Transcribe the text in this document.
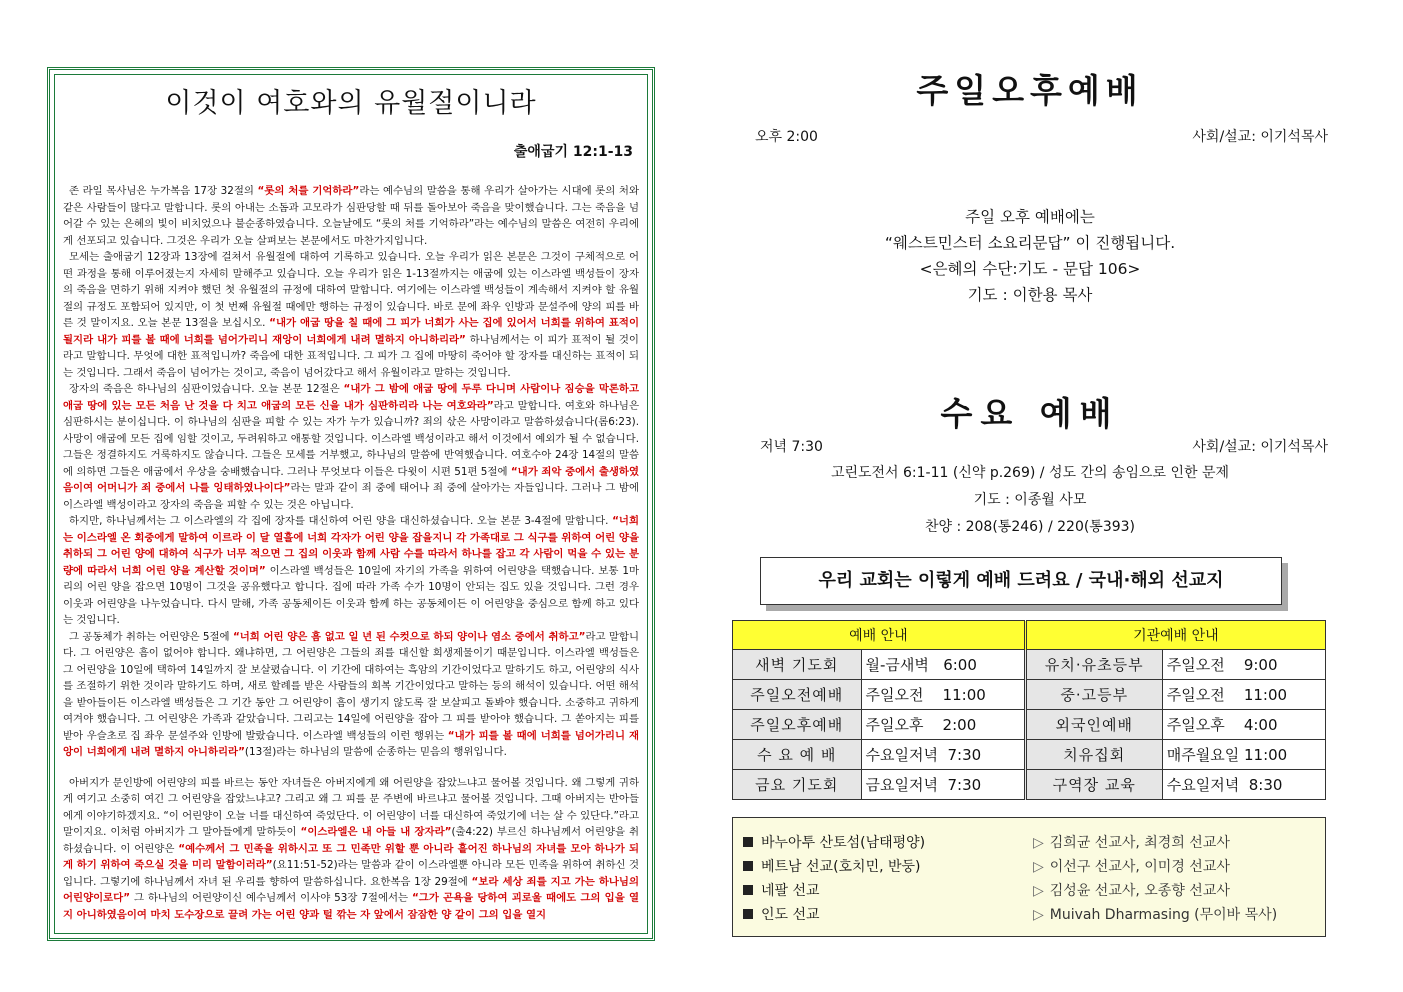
이것이 여호와의 유월절이니라
출애굽기 12:1-13

존 라일 목사님은 누가복음 17장 32절의 “롯의 처를 기억하라”라는 예수님의 말씀을 통해 우리가 살아가는 시대에 롯의 처와 같은 사람들이 많다고 말합니다. 롯의 아내는 소돔과 고모라가 심판당할 때 뒤를 돌아보아 죽음을 맞이했습니다. 그는 죽음을 넘어갈 수 있는 은혜의 빛이 비치었으나 불순종하였습니다. 오늘날에도 “롯의 처를 기억하라”라는 예수님의 말씀은 여전히 우리에게 선포되고 있습니다. 그것은 우리가 오늘 살펴보는 본문에서도 마찬가지입니다.

모세는 출애굽기 12장과 13장에 걸쳐서 유월절에 대하여 기록하고 있습니다. 오늘 우리가 읽은 본문은 그것이 구체적으로 어떤 과정을 통해 이루어졌는지 자세히 말해주고 있습니다. 오늘 우리가 읽은 1-13절까지는 애굽에 있는 이스라엘 백성들이 장자의 죽음을 면하기 위해 지켜야 했던 첫 유월절의 규정에 대하여 말합니다. 여기에는 이스라엘 백성들이 계속해서 지켜야 할 유월절의 규정도 포함되어 있지만, 이 첫 번째 유월절 때에만 행하는 규정이 있습니다. 바로 문에 좌우 인방과 문설주에 양의 피를 바른 것 말이지요. 오늘 본문 13절을 보십시오. “내가 애굽 땅을 칠 때에 그 피가 너희가 사는 집에 있어서 너희를 위하여 표적이 될지라 내가 피를 볼 때에 너희를 넘어가리니 재앙이 너희에게 내려 멸하지 아니하리라” 하나님께서는 이 피가 표적이 될 것이라고 말합니다. 무엇에 대한 표적입니까? 죽음에 대한 표적입니다. 그 피가 그 집에 마땅히 죽어야 할 장자를 대신하는 표적이 되는 것입니다. 그래서 죽음이 넘어가는 것이고, 죽음이 넘어갔다고 해서 유월이라고 말하는 것입니다.

장자의 죽음은 하나님의 심판이었습니다. 오늘 본문 12절은 “내가 그 밤에 애굽 땅에 두루 다니며 사람이나 짐승을 막론하고 애굽 땅에 있는 모든 처음 난 것을 다 치고 애굽의 모든 신을 내가 심판하리라 나는 여호와라”라고 말합니다. 여호와 하나님은 심판하시는 분이십니다. 이 하나님의 심판을 피할 수 있는 자가 누가 있습니까? 죄의 삯은 사망이라고 말씀하셨습니다(롬6:23). 사망이 애굽에 모든 집에 임할 것이고, 두려워하고 애통할 것입니다. 이스라엘 백성이라고 해서 이것에서 예외가 될 수 없습니다. 그들은 정결하지도 거룩하지도 않습니다. 그들은 모세를 거부했고, 하나님의 말씀에 반역했습니다. 여호수아 24장 14절의 말씀에 의하면 그들은 애굽에서 우상을 숭배했습니다. 그러나 무엇보다 이들은 다윗이 시편 51편 5절에 “내가 죄악 중에서 출생하였음이여 어머니가 죄 중에서 나를 잉태하였나이다”라는 말과 같이 죄 중에 태어나 죄 중에 살아가는 자들입니다. 그러나 그 밤에 이스라엘 백성이라고 장자의 죽음을 피할 수 있는 것은 아닙니다.

하지만, 하나님께서는 그 이스라엘의 각 집에 장자를 대신하여 어린 양을 대신하셨습니다. 오늘 본문 3-4절에 말합니다. “너희는 이스라엘 온 회중에게 말하여 이르라 이 달 열흘에 너희 각자가 어린 양을 잡을지니 각 가족대로 그 식구를 위하여 어린 양을 취하되 그 어린 양에 대하여 식구가 너무 적으면 그 집의 이웃과 함께 사람 수를 따라서 하나를 잡고 각 사람이 먹을 수 있는 분량에 따라서 너희 어린 양을 계산할 것이며” 이스라엘 백성들은 10일에 자기의 가족을 위하여 어린양을 택했습니다. 보통 1마리의 어린 양을 잡으면 10명이 그것을 공유했다고 합니다. 집에 따라 가족 수가 10명이 안되는 집도 있을 것입니다. 그런 경우 이웃과 어린양을 나누었습니다. 다시 말해, 가족 공동체이든 이웃과 함께 하는 공동체이든 이 어린양을 중심으로 함께 하고 있다는 것입니다.

그 공동체가 취하는 어린양은 5절에 “너희 어린 양은 흠 없고 일 년 된 수컷으로 하되 양이나 염소 중에서 취하고”라고 말합니다. 그 어린양은 흠이 없어야 합니다. 왜냐하면, 그 어린양은 그들의 죄를 대신할 희생제물이기 때문입니다. 이스라엘 백성들은 그 어린양을 10일에 택하여 14일까지 잘 보살폈습니다. 이 기간에 대하여는 흑암의 기간이었다고 말하기도 하고, 어린양의 식사를 조절하기 위한 것이라 말하기도 하며, 새로 할례를 받은 사람들의 회복 기간이었다고 말하는 등의 해석이 있습니다. 어떤 해석을 받아들이든 이스라엘 백성들은 그 기간 동안 그 어린양이 흠이 생기지 않도록 잘 보살피고 돌봐야 했습니다. 소중하고 귀하게 여겨야 했습니다. 그 어린양은 가족과 같았습니다. 그리고는 14일에 어린양을 잡아 그 피를 받아야 했습니다. 그 쏟아지는 피를 받아 우슬초로 집 좌우 문설주와 인방에 발랐습니다. 이스라엘 백성들의 이런 행위는 “내가 피를 볼 때에 너희를 넘어가리니 재앙이 너희에게 내려 멸하지 아니하리라”(13절)라는 하나님의 말씀에 순종하는 믿음의 행위입니다.

아버지가 문인방에 어린양의 피를 바르는 동안 자녀들은 아버지에게 왜 어린양을 잡았느냐고 물어볼 것입니다. 왜 그렇게 귀하게 여기고 소중히 여긴 그 어린양을 잡았느냐고? 그리고 왜 그 피를 문 주변에 바르냐고 물어볼 것입니다. 그때 아버지는 반아들에게 이야기하겠지요. “이 어린양이 오늘 너를 대신하여 죽었단다. 이 어린양이 너를 대신하여 죽었기에 너는 살 수 있단다.”라고 말이지요. 이처럼 아버지가 그 말아들에게 말하듯이 “이스라엘은 내 아들 내 장자라”(출4:22) 부르신 하나님께서 어린양을 취하셨습니다. 이 어린양은 “예수께서 그 민족을 위하시고 또 그 민족만 위할 뿐 아니라 흩어진 하나님의 자녀를 모아 하나가 되게 하기 위하여 죽으실 것을 미리 말함이러라”(요11:51-52)라는 말씀과 같이 이스라엘뿐 아니라 모든 민족을 위하여 취하신 것입니다. 그렇기에 하나님께서 자녀 된 우리를 향하여 말씀하십니다. 요한복음 1장 29절에 “보라 세상 죄를 지고 가는 하나님의 어린양이로다” 그 하나님의 어린양이신 예수님께서 이사야 53장 7절에서는 “그가 곤욕을 당하여 괴로울 때에도 그의 입을 열지 아니하였음이여 마치 도수장으로 끌려 가는 어린 양과 털 깎는 자 앞에서 잠잠한 양 같이 그의 입을 열지

주일오후예배
오후 2:00	사회/설교: 이기석목사
주일 오후 예배에는
“웨스트민스터 소요리문답” 이 진행됩니다.
<은혜의 수단:기도 - 문답 106>
기도 : 이한용 목사
수요 예배
저녁 7:30	사회/설교: 이기석목사
고린도전서 6:1-11 (신약 p.269) / 성도 간의 송임으로 인한 문제
기도 : 이종월 사모
찬양 : 208(통246) / 220(통393)
우리 교회는 이렇게 예배 드려요 / 국내·해외 선교지
예배 안내		기관예배 안내	
새벽 기도회	월-금새벽   6:00	유치·유초등부	주일오전    9:00
주일오전예배	주일오전    11:00	중·고등부	주일오전    11:00
주일오후예배	주일오후    2:00	외국인예배	주일오후    4:00
수 요 예 배	수요일저녁  7:30	치유집회	매주월요일 11:00
금요 기도회	금요일저녁  7:30	구역장 교육	수요일저녁  8:30
바누아투 산토섬(남태평양)	▷ 김희균 선교사, 최경희 선교사
베트남 선교(호치민, 반둥)	▷ 이선구 선교사, 이미경 선교사
네팔 선교	▷ 김성윤 선교사, 오종향 선교사
인도 선교	▷ Muivah Dharmasing (무이바 목사)
